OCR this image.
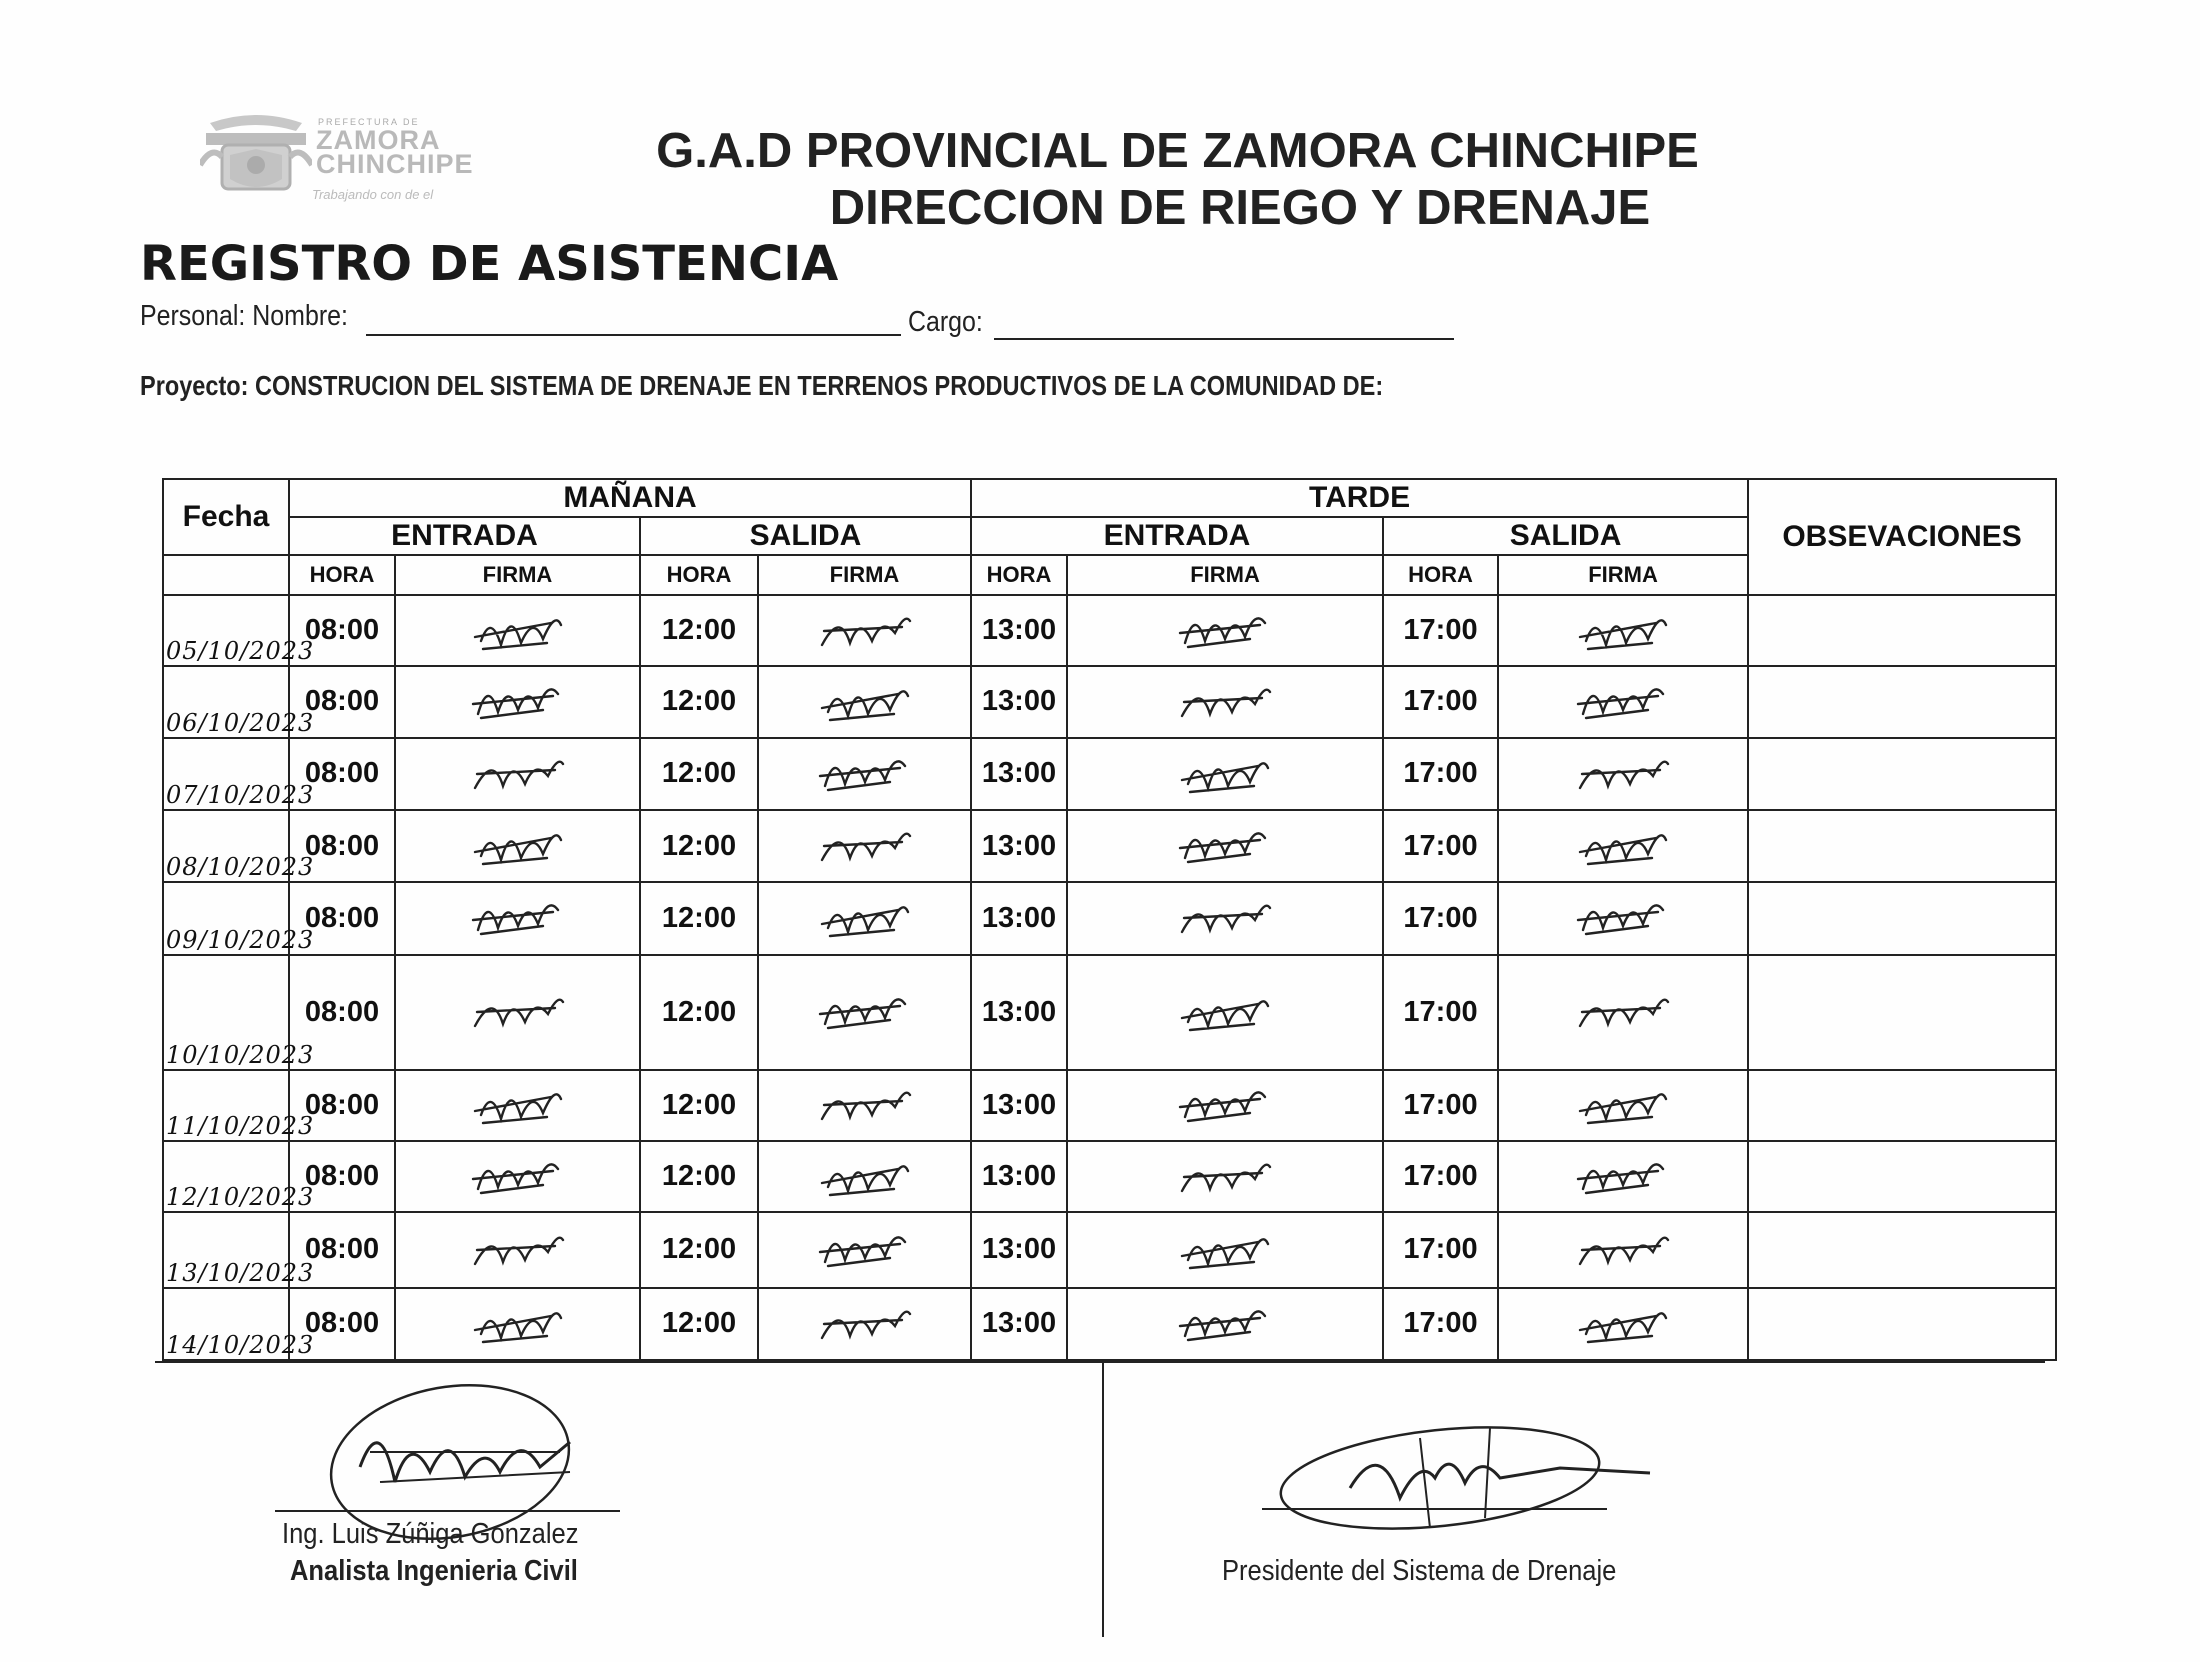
PREFECTURA DE
ZAMORA
CHINCHIPE
Trabajando con de el
G.A.D PROVINCIAL DE ZAMORA CHINCHIPE
DIRECCION DE RIEGO Y DRENAJE
REGISTRO DE ASISTENCIA
Personal: Nombre:	Cargo:
Proyecto: CONSTRUCION DEL SISTEMA DE DRENAJE EN TERRENOS PRODUCTIVOS DE LA COMUNIDAD DE:
Fecha	MAÑANA				TARDE				OBSEVACIONES
	ENTRADA		SALIDA		ENTRADA		SALIDA		
	HORA	FIRMA	HORA	FIRMA	HORA	FIRMA	HORA	FIRMA	
05/10/2023	08:00		12:00		13:00		17:00	

06/10/2023	08:00		12:00		13:00		17:00	

07/10/2023	08:00		12:00		13:00		17:00	

08/10/2023	08:00		12:00		13:00		17:00	

09/10/2023	08:00		12:00		13:00		17:00	

10/10/2023	08:00		12:00		13:00		17:00	

11/10/2023	08:00		12:00		13:00		17:00	

12/10/2023	08:00		12:00		13:00		17:00	

13/10/2023	08:00		12:00		13:00		17:00	

14/10/2023	08:00		12:00		13:00		17:00	

Ing. Luis Zúñiga Gonzalez
Analista Ingenieria Civil	Presidente del Sistema de Drenaje
